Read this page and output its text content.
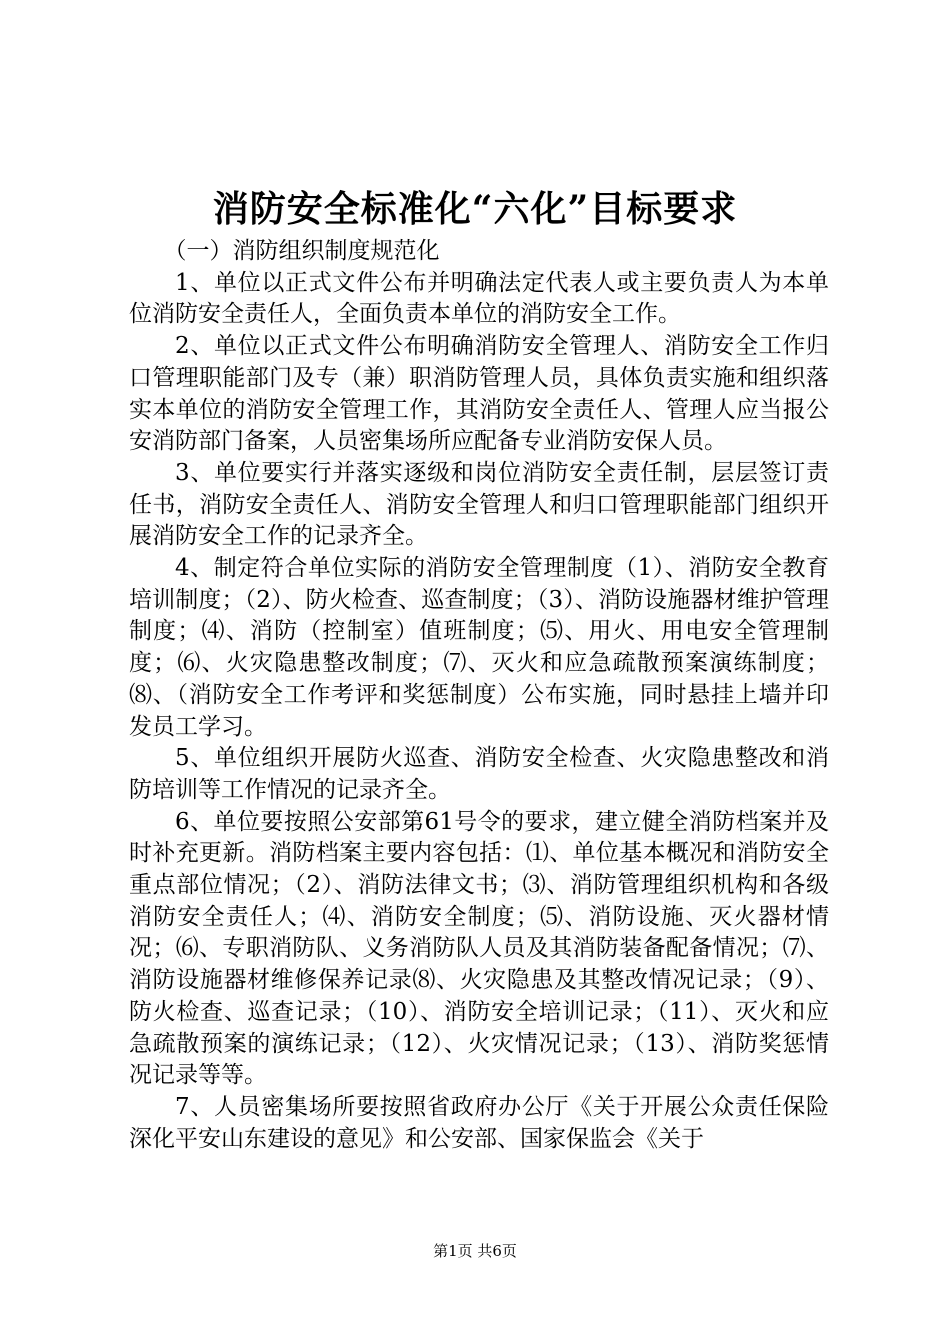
消防安全标准化“六化”目标要求

（一）消防组织制度规范化

1、单位以正式文件公布并明确法定代表人或主要负责人为本单位消防安全责任人，全面负责本单位的消防安全工作。

2、单位以正式文件公布明确消防安全管理人、消防安全工作归口管理职能部门及专（兼）职消防管理人员，具体负责实施和组织落实本单位的消防安全管理工作，其消防安全责任人、管理人应当报公安消防部门备案，人员密集场所应配备专业消防安保人员。

3、单位要实行并落实逐级和岗位消防安全责任制，层层签订责任书，消防安全责任人、消防安全管理人和归口管理职能部门组织开展消防安全工作的记录齐全。

4、制定符合单位实际的消防安全管理制度（1）、消防安全教育培训制度；（2）、防火检查、巡查制度；（3）、消防设施器材维护管理制度；⑷、消防（控制室）值班制度；⑸、用火、用电安全管理制度；⑹、火灾隐患整改制度；⑺、灭火和应急疏散预案演练制度；⑻、（消防安全工作考评和奖惩制度）公布实施，同时悬挂上墙并印发员工学习。

5、单位组织开展防火巡查、消防安全检查、火灾隐患整改和消防培训等工作情况的记录齐全。

6、单位要按照公安部第61号令的要求，建立健全消防档案并及时补充更新。消防档案主要内容包括：⑴、单位基本概况和消防安全重点部位情况；（2）、消防法律文书；⑶、消防管理组织机构和各级消防安全责任人；⑷、消防安全制度；⑸、消防设施、灭火器材情况；⑹、专职消防队、义务消防队人员及其消防装备配备情况；⑺、消防设施器材维修保养记录⑻、火灾隐患及其整改情况记录；（9）、防火检查、巡查记录；（10）、消防安全培训记录；（11）、灭火和应急疏散预案的演练记录；（12）、火灾情况记录；（13）、消防奖惩情况记录等等。

7、人员密集场所要按照省政府办公厅《关于开展公众责任保险深化平安山东建设的意见》和公安部、国家保监会《关于

第1页 共6页
